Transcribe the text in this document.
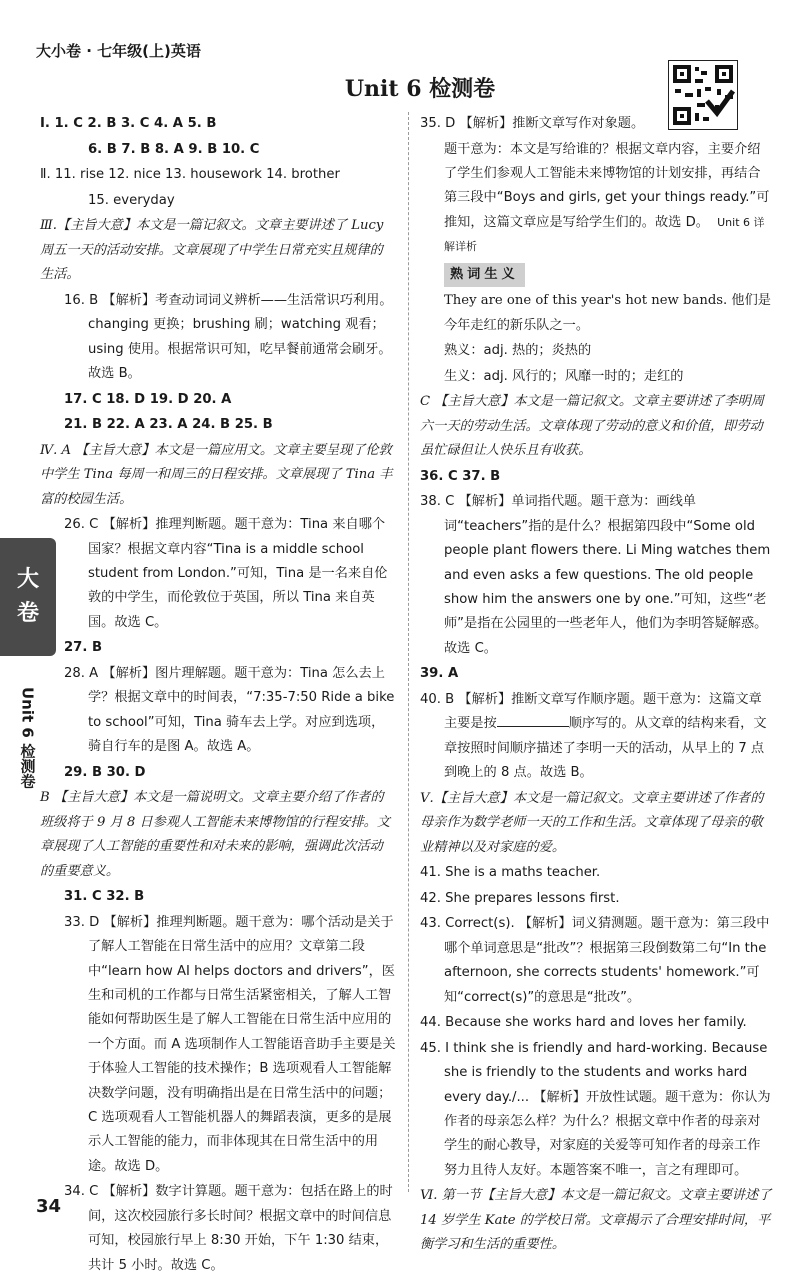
大小卷 · 七年级(上)英语
Unit 6 检测卷

Ⅰ. 1. C 2. B 3. C 4. A 5. B

6. B 7. B 8. A 9. B 10. C

Ⅱ. 11. rise 12. nice 13. housework 14. brother

15. everyday

Ⅲ.【主旨大意】本文是一篇记叙文。文章主要讲述了 Lucy 周五一天的活动安排。文章展现了中学生日常充实且规律的生活。

16. B 【解析】考查动词词义辨析——生活常识巧利用。changing 更换；brushing 刷；watching 观看；using 使用。根据常识可知，吃早餐前通常会刷牙。故选 B。

17. C 18. D 19. D 20. A

21. B 22. A 23. A 24. B 25. B

Ⅳ. A 【主旨大意】本文是一篇应用文。文章主要呈现了伦敦中学生 Tina 每周一和周三的日程安排。文章展现了 Tina 丰富的校园生活。

26. C 【解析】推理判断题。题干意为：Tina 来自哪个国家？根据文章内容“Tina is a middle school student from London.”可知，Tina 是一名来自伦敦的中学生，而伦敦位于英国，所以 Tina 来自英国。故选 C。

27. B

28. A 【解析】图片理解题。题干意为：Tina 怎么去上学？根据文章中的时间表，“7:35-7:50 Ride a bike to school”可知，Tina 骑车去上学。对应到选项，骑自行车的是图 A。故选 A。

29. B 30. D

B 【主旨大意】本文是一篇说明文。文章主要介绍了作者的班级将于 9 月 8 日参观人工智能未来博物馆的行程安排。文章展现了人工智能的重要性和对未来的影响，强调此次活动的重要意义。

31. C 32. B

33. D 【解析】推理判断题。题干意为：哪个活动是关于了解人工智能在日常生活中的应用？文章第二段中“learn how AI helps doctors and drivers”，医生和司机的工作都与日常生活紧密相关，了解人工智能如何帮助医生是了解人工智能在日常生活中应用的一个方面。而 A 选项制作人工智能语音助手主要是关于体验人工智能的技术操作；B 选项观看人工智能解决数学问题，没有明确指出是在日常生活中的问题；C 选项观看人工智能机器人的舞蹈表演，更多的是展示人工智能的能力，而非体现其在日常生活中的用途。故选 D。

34. C 【解析】数字计算题。题干意为：包括在路上的时间，这次校园旅行多长时间？根据文章中的时间信息可知，校园旅行早上 8:30 开始，下午 1:30 结束，共计 5 小时。故选 C。

35. D 【解析】推断文章写作对象题。

题干意为：本文是写给谁的？根据文章内容，主要介绍了学生们参观人工智能未来博物馆的计划安排，再结合第三段中“Boys and girls, get your things ready.”可推知，这篇文章应是写给学生们的。故选 D。 Unit 6 详解详析

熟词生义

They are one of this year's hot new bands. 他们是今年走红的新乐队之一。

熟义：adj. 热的；炎热的

生义：adj. 风行的；风靡一时的；走红的

C 【主旨大意】本文是一篇记叙文。文章主要讲述了李明周六一天的劳动生活。文章体现了劳动的意义和价值，即劳动虽忙碌但让人快乐且有收获。

36. C 37. B

38. C 【解析】单词指代题。题干意为：画线单词“teachers”指的是什么？根据第四段中“Some old people plant flowers there. Li Ming watches them and even asks a few questions. The old people show him the answers one by one.”可知，这些“老师”是指在公园里的一些老年人，他们为李明答疑解惑。故选 C。

39. A

40. B 【解析】推断文章写作顺序题。题干意为：这篇文章主要是按	顺序写的。从文章的结构来看，文章按照时间顺序描述了李明一天的活动，从早上的 7 点到晚上的 8 点。故选 B。

Ⅴ.【主旨大意】本文是一篇记叙文。文章主要讲述了作者的母亲作为数学老师一天的工作和生活。文章体现了母亲的敬业精神以及对家庭的爱。

41. She is a maths teacher.

42. She prepares lessons first.

43. Correct(s). 【解析】词义猜测题。题干意为：第三段中哪个单词意思是“批改”？根据第三段倒数第二句“In the afternoon, she corrects students' homework.”可知“correct(s)”的意思是“批改”。

44. Because she works hard and loves her family.

45. I think she is friendly and hard-working. Because she is friendly to the students and works hard every day./... 【解析】开放性试题。题干意为：你认为作者的母亲怎么样？为什么？根据文章中作者的母亲对学生的耐心教导，对家庭的关爱等可知作者的母亲工作努力且待人友好。本题答案不唯一，言之有理即可。

Ⅵ. 第一节【主旨大意】本文是一篇记叙文。文章主要讲述了 14 岁学生 Kate 的学校日常。文章揭示了合理安排时间，平衡学习和生活的重要性。

大
卷
Unit 6 检测卷
34
